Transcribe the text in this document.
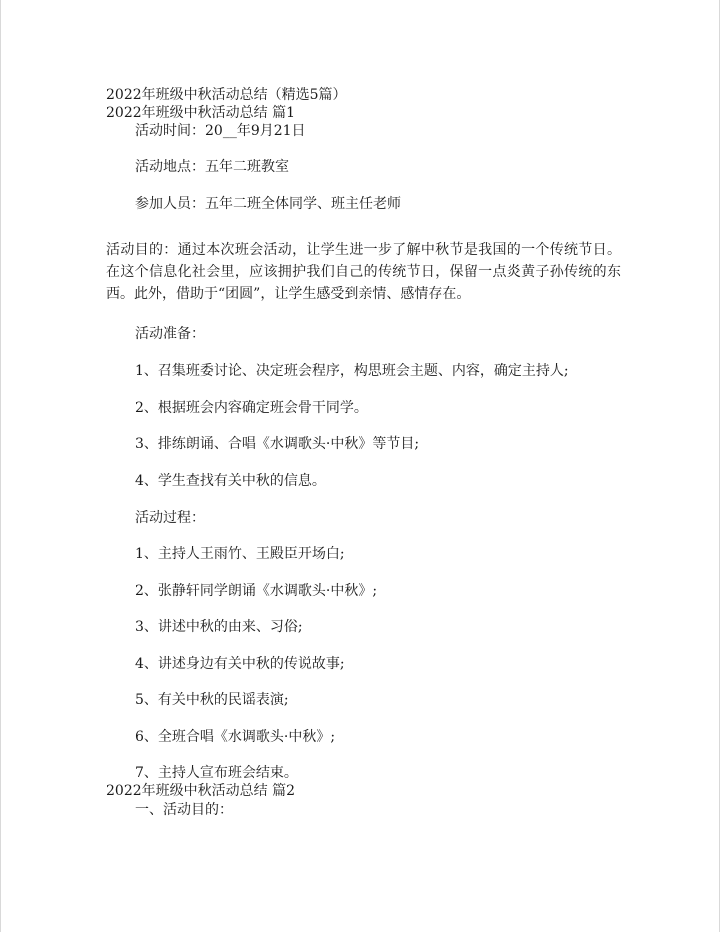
2022年班级中秋活动总结（精选5篇）
2022年班级中秋活动总结 篇1
活动时间：20__年9月21日
活动地点：五年二班教室
参加人员：五年二班全体同学、班主任老师
活动目的：通过本次班会活动，让学生进一步了解中秋节是我国的一个传统节日。在这个信息化社会里，应该拥护我们自己的传统节日，保留一点炎黄子孙传统的东西。此外，借助于“团圆”，让学生感受到亲情、感情存在。
活动准备：
1、召集班委讨论、决定班会程序，构思班会主题、内容，确定主持人;
2、根据班会内容确定班会骨干同学。
3、排练朗诵、合唱《水调歌头·中秋》等节目;
4、学生查找有关中秋的信息。
活动过程：
1、主持人王雨竹、王殿臣开场白;
2、张静轩同学朗诵《水调歌头·中秋》;
3、讲述中秋的由来、习俗;
4、讲述身边有关中秋的传说故事;
5、有关中秋的民谣表演;
6、全班合唱《水调歌头·中秋》;
7、主持人宣布班会结束。
2022年班级中秋活动总结 篇2
一、活动目的：
